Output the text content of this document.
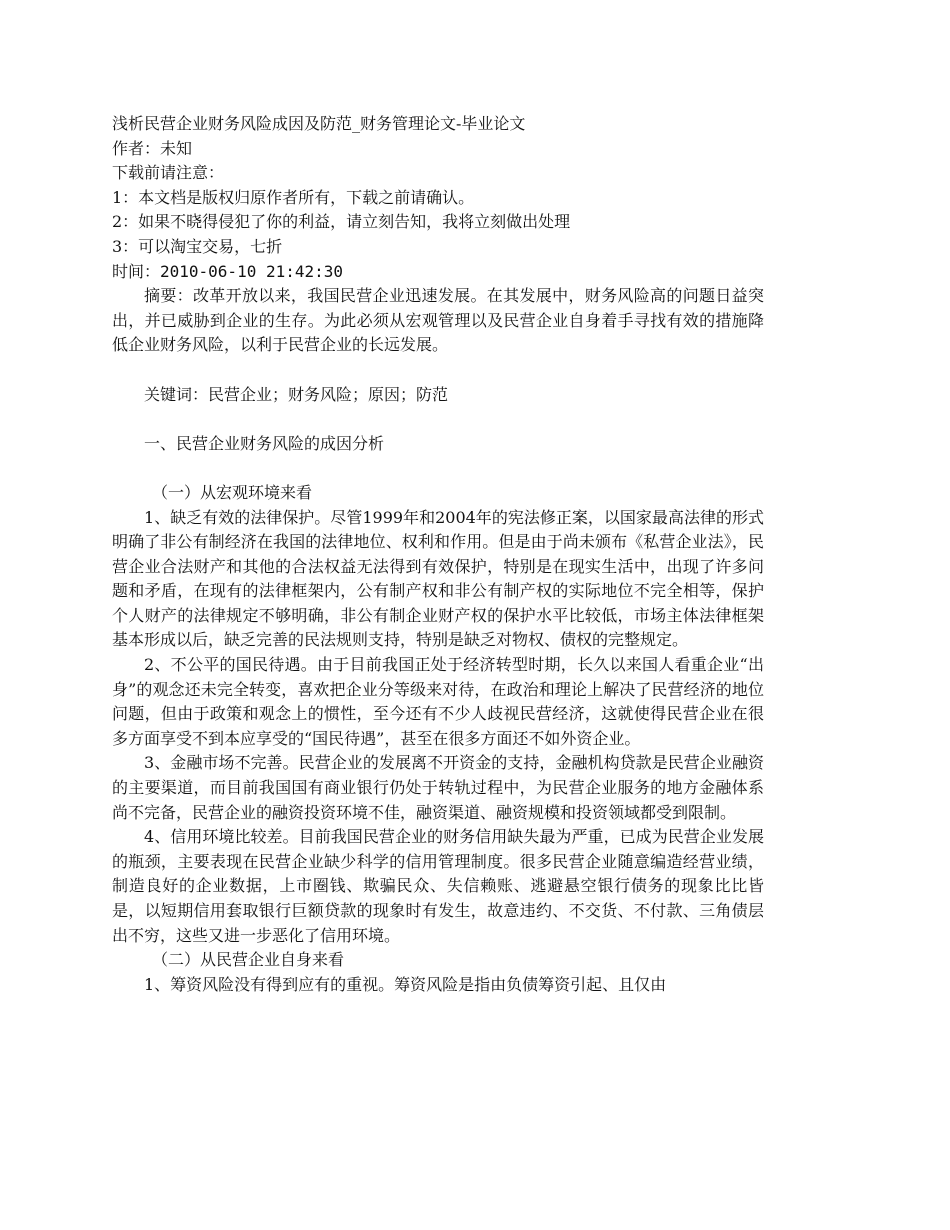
浅析民营企业财务风险成因及防范_财务管理论文-毕业论文
作者：未知
下载前请注意：
1：本文档是版权归原作者所有，下载之前请确认。
2：如果不晓得侵犯了你的利益，请立刻告知，我将立刻做出处理
3：可以淘宝交易，七折
时间：2010-06-10 21:42:30
摘要：改革开放以来，我国民营企业迅速发展。在其发展中，财务风险高的问题日益突出，并已威胁到企业的生存。为此必须从宏观管理以及民营企业自身着手寻找有效的措施降低企业财务风险，以利于民营企业的长远发展。
关键词：民营企业；财务风险；原因；防范
一、民营企业财务风险的成因分析
（一）从宏观环境来看
1、缺乏有效的法律保护。尽管1999年和2004年的宪法修正案，以国家最高法律的形式明确了非公有制经济在我国的法律地位、权利和作用。但是由于尚未颁布《私营企业法》，民营企业合法财产和其他的合法权益无法得到有效保护，特别是在现实生活中，出现了许多问题和矛盾，在现有的法律框架内，公有制产权和非公有制产权的实际地位不完全相等，保护个人财产的法律规定不够明确，非公有制企业财产权的保护水平比较低，市场主体法律框架基本形成以后，缺乏完善的民法规则支持，特别是缺乏对物权、债权的完整规定。
2、不公平的国民待遇。由于目前我国正处于经济转型时期，长久以来国人看重企业“出身”的观念还未完全转变，喜欢把企业分等级来对待，在政治和理论上解决了民营经济的地位问题，但由于政策和观念上的惯性，至今还有不少人歧视民营经济，这就使得民营企业在很多方面享受不到本应享受的“国民待遇”，甚至在很多方面还不如外资企业。
3、金融市场不完善。民营企业的发展离不开资金的支持，金融机构贷款是民营企业融资的主要渠道，而目前我国国有商业银行仍处于转轨过程中，为民营企业服务的地方金融体系尚不完备，民营企业的融资投资环境不佳，融资渠道、融资规模和投资领域都受到限制。
4、信用环境比较差。目前我国民营企业的财务信用缺失最为严重，已成为民营企业发展的瓶颈，主要表现在民营企业缺少科学的信用管理制度。很多民营企业随意编造经营业绩，制造良好的企业数据，上市圈钱、欺骗民众、失信赖账、逃避悬空银行债务的现象比比皆是，以短期信用套取银行巨额贷款的现象时有发生，故意违约、不交货、不付款、三角债层出不穷，这些又进一步恶化了信用环境。
（二）从民营企业自身来看
1、筹资风险没有得到应有的重视。筹资风险是指由负债筹资引起、且仅由
